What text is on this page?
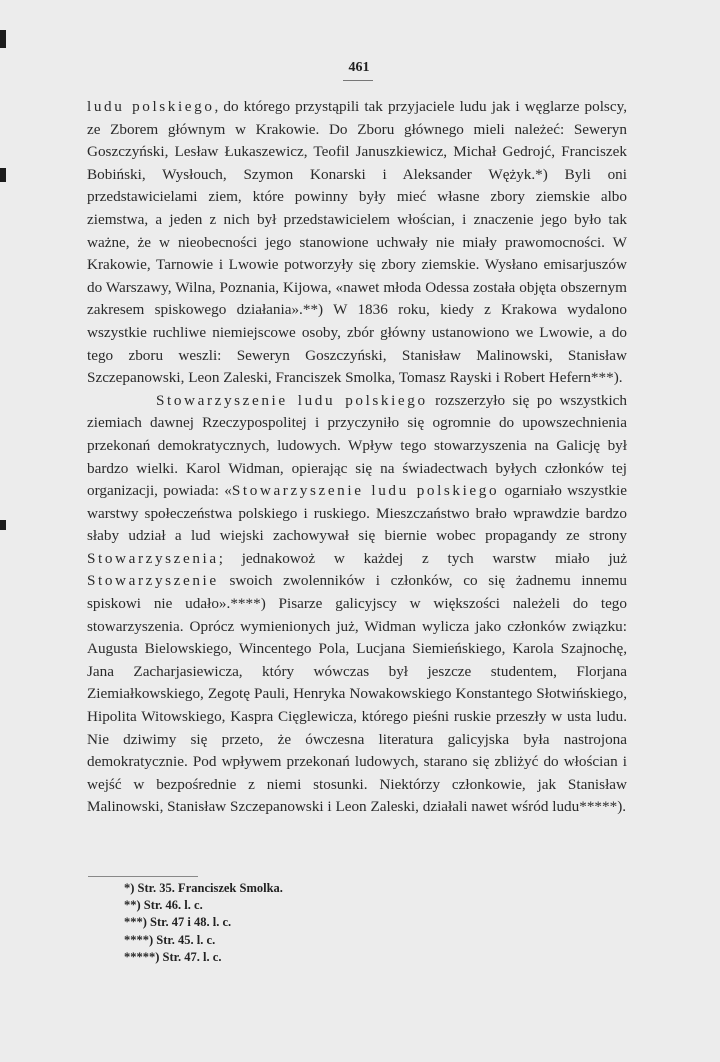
461

ludu polskiego, do którego przystąpili tak przyjaciele ludu jak i węglarze polscy, ze Zborem głównym w Krakowie. Do Zboru głównego mieli należeć: Seweryn Goszczyński, Lesław Łukaszewicz, Teofil Januszkiewicz, Michał Gedrojć, Franciszek Bobiński, Wysłouch, Szymon Konarski i Aleksander Wężyk.*) Byli oni przedstawicielami ziem, które powinny były mieć własne zbory ziemskie albo ziemstwa, a jeden z nich był przedstawicielem włościan, i znaczenie jego było tak ważne, że w nieobecności jego stanowione uchwały nie miały prawomocności. W Krakowie, Tarnowie i Lwowie potworzyły się zbory ziemskie. Wysłano emisarjuszów do Warszawy, Wilna, Poznania, Kijowa, «nawet młoda Odessa została objęta obszernym zakresem spiskowego działania».**) W 1836 roku, kiedy z Krakowa wydalono wszystkie ruchliwe niemiejscowe osoby, zbór główny ustanowiono we Lwowie, a do tego zboru weszli: Seweryn Goszczyński, Stanisław Malinowski, Stanisław Szczepanowski, Leon Zaleski, Franciszek Smolka, Tomasz Rayski i Robert Hefern***).

Stowarzyszenie ludu polskiego rozszerzyło się po wszystkich ziemiach dawnej Rzeczypospolitej i przyczyniło się ogromnie do upowszechnienia przekonań demokratycznych, ludowych. Wpływ tego stowarzyszenia na Galicję był bardzo wielki. Karol Widman, opierając się na świadectwach byłych członków tej organizacji, powiada: «Stowarzyszenie ludu polskiego ogarniało wszystkie warstwy społeczeństwa polskiego i ruskiego. Mieszczaństwo brało wprawdzie bardzo słaby udział a lud wiejski zachowywał się biernie wobec propagandy ze strony Stowarzyszenia; jednakowoż w każdej z tych warstw miało już Stowarzyszenie swoich zwolenników i członków, co się żadnemu innemu spiskowi nie udało».****) Pisarze galicyjscy w większości należeli do tego stowarzyszenia. Oprócz wymienionych już, Widman wylicza jako członków związku: Augusta Bielowskiego, Wincentego Pola, Lucjana Siemieńskiego, Karola Szajnochę, Jana Zacharjasiewicza, który wówczas był jeszcze studentem, Florjana Ziemiałkowskiego, Zegotę Pauli, Henryka Nowakowskiego Konstantego Słotwińskiego, Hipolita Witowskiego, Kaspra Cięglewicza, którego pieśni ruskie przeszły w usta ludu. Nie dziwimy się przeto, że ówczesna literatura galicyjska była nastrojona demokratycznie. Pod wpływem przekonań ludowych, starano się zbliżyć do włościan i wejść w bezpośrednie z niemi stosunki. Niektórzy członkowie, jak Stanisław Malinowski, Stanisław Szczepanowski i Leon Zaleski, działali nawet wśród ludu*****).

*) Str. 35. Franciszek Smolka.
**) Str. 46. l. c.
***) Str. 47 i 48. l. c.
****) Str. 45. l. c.
*****) Str. 47. l. c.
